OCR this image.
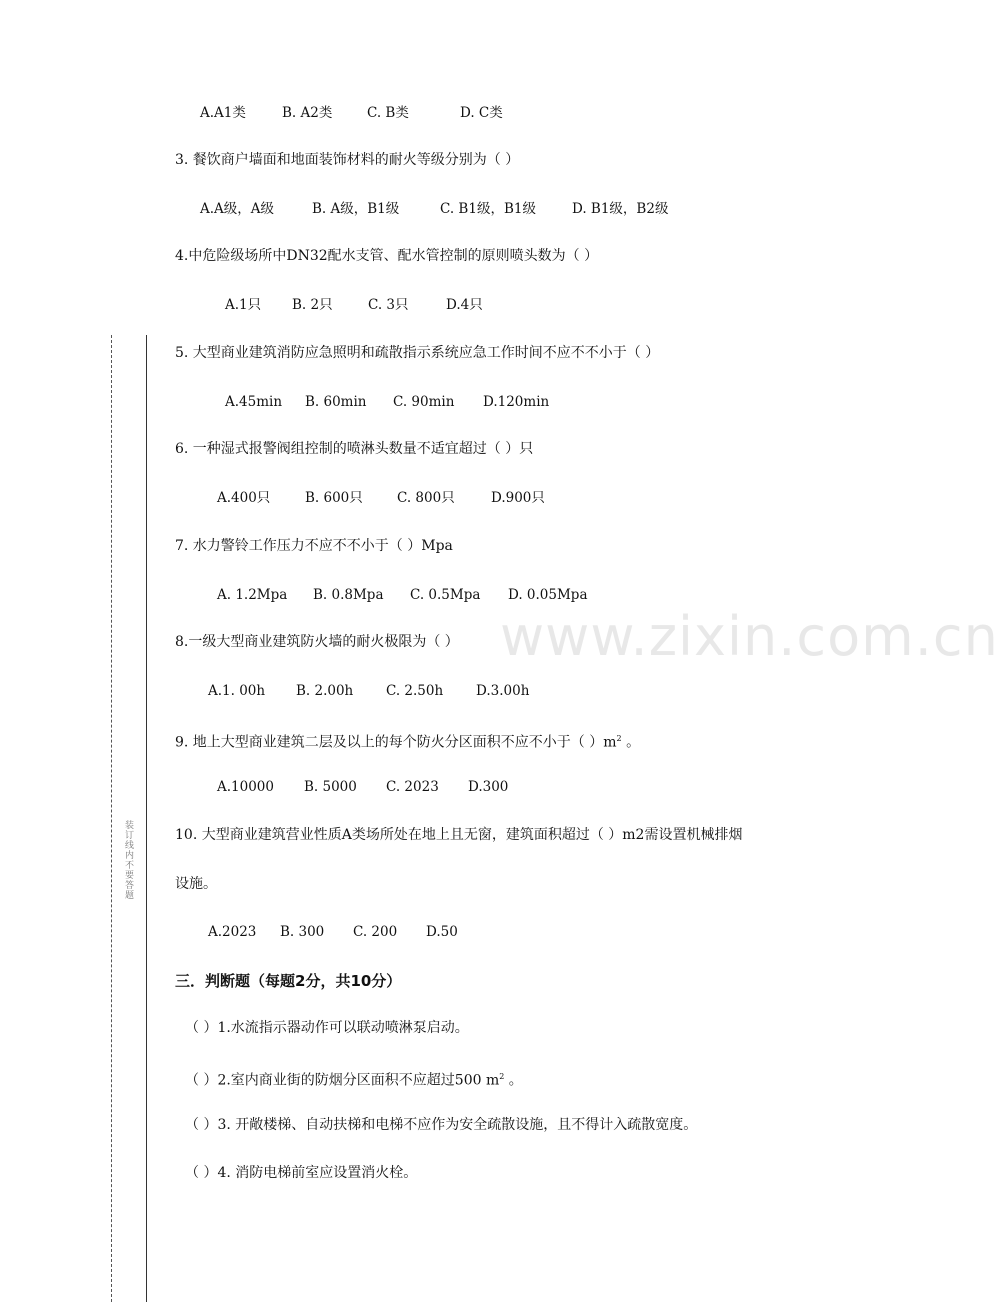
装订线内不要答题
www.zixin.com.cn
A.A1类	B. A2类	C. B类	D. C类
3. 餐饮商户墙面和地面装饰材料的耐火等级分别为（ ）
A.A级，A级	B. A级，B1级	C. B1级，B1级	D. B1级，B2级
4.中危险级场所中DN32配水支管、配水管控制的原则喷头数为（ ）
A.1只 B. 2只	C. 3只	D.4只
5. 大型商业建筑消防应急照明和疏散指示系统应急工作时间不应不不小于（ ）
A.45min B. 60min C. 90min D.120min
6. 一种湿式报警阀组控制的喷淋头数量不适宜超过（ ）只
A.400只	B. 600只	C. 800只	D.900只
7. 水力警铃工作压力不应不不小于（ ）Mpa
A. 1.2Mpa B. 0.8Mpa C. 0.5Mpa D. 0.05Mpa
8.一级大型商业建筑防火墙的耐火极限为（ ）
A.1. 00h B. 2.00h C. 2.50h D.3.00h
9. 地上大型商业建筑二层及以上的每个防火分区面积不应不小于（ ）$m^2$ 。
A.10000 B. 5000 C. 2023 D.300
10. 大型商业建筑营业性质A类场所处在地上且无窗，建筑面积超过（ ）m2需设置机械排烟
设施。
A.2023 B. 300 C. 200 D.50
三．判断题（每题2分，共10分）
（ ）1.水流指示器动作可以联动喷淋泵启动。
（ ）2.室内商业街的防烟分区面积不应超过500 $m^2$ 。
（ ）3. 开敞楼梯、自动扶梯和电梯不应作为安全疏散设施，且不得计入疏散宽度。
（ ）4. 消防电梯前室应设置消火栓。
